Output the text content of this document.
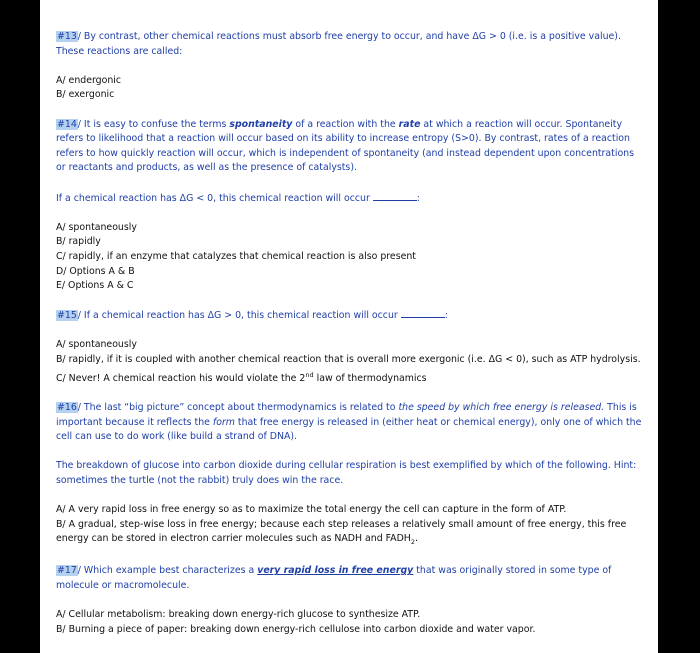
#13/ By contrast, other chemical reactions must absorb free energy to occur, and have ΔG > 0 (i.e. is a positive value). These reactions are called:

A/ endergonic

B/ exergonic

#14/ It is easy to confuse the terms spontaneity of a reaction with the rate at which a reaction will occur. Spontaneity refers to likelihood that a reaction will occur based on its ability to increase entropy (S>0). By contrast, rates of a reaction refers to how quickly reaction will occur, which is independent of spontaneity (and instead dependent upon concentrations or reactants and products, as well as the presence of catalysts).

If a chemical reaction has ΔG < 0, this chemical reaction will occur	:

A/ spontaneously

B/ rapidly

C/ rapidly, if an enzyme that catalyzes that chemical reaction is also present

D/ Options A & B

E/ Options A & C

#15/ If a chemical reaction has ΔG > 0, this chemical reaction will occur	:

A/ spontaneously

B/ rapidly, if it is coupled with another chemical reaction that is overall more exergonic (i.e. ΔG < 0), such as ATP hydrolysis.

C/ Never! A chemical reaction his would violate the 2nd law of thermodynamics

#16/ The last “big picture” concept about thermodynamics is related to the speed by which free energy is released. This is important because it reflects the form that free energy is released in (either heat or chemical energy), only one of which the cell can use to do work (like build a strand of DNA).

The breakdown of glucose into carbon dioxide during cellular respiration is best exemplified by which of the following. Hint: sometimes the turtle (not the rabbit) truly does win the race.

A/ A very rapid loss in free energy so as to maximize the total energy the cell can capture in the form of ATP.

B/ A gradual, step-wise loss in free energy; because each step releases a relatively small amount of free energy, this free energy can be stored in electron carrier molecules such as NADH and $FADH_2$.

#17/ Which example best characterizes a very rapid loss in free energy that was originally stored in some type of molecule or macromolecule.

A/ Cellular metabolism: breaking down energy-rich glucose to synthesize ATP.

B/ Burning a piece of paper: breaking down energy-rich cellulose into carbon dioxide and water vapor.
